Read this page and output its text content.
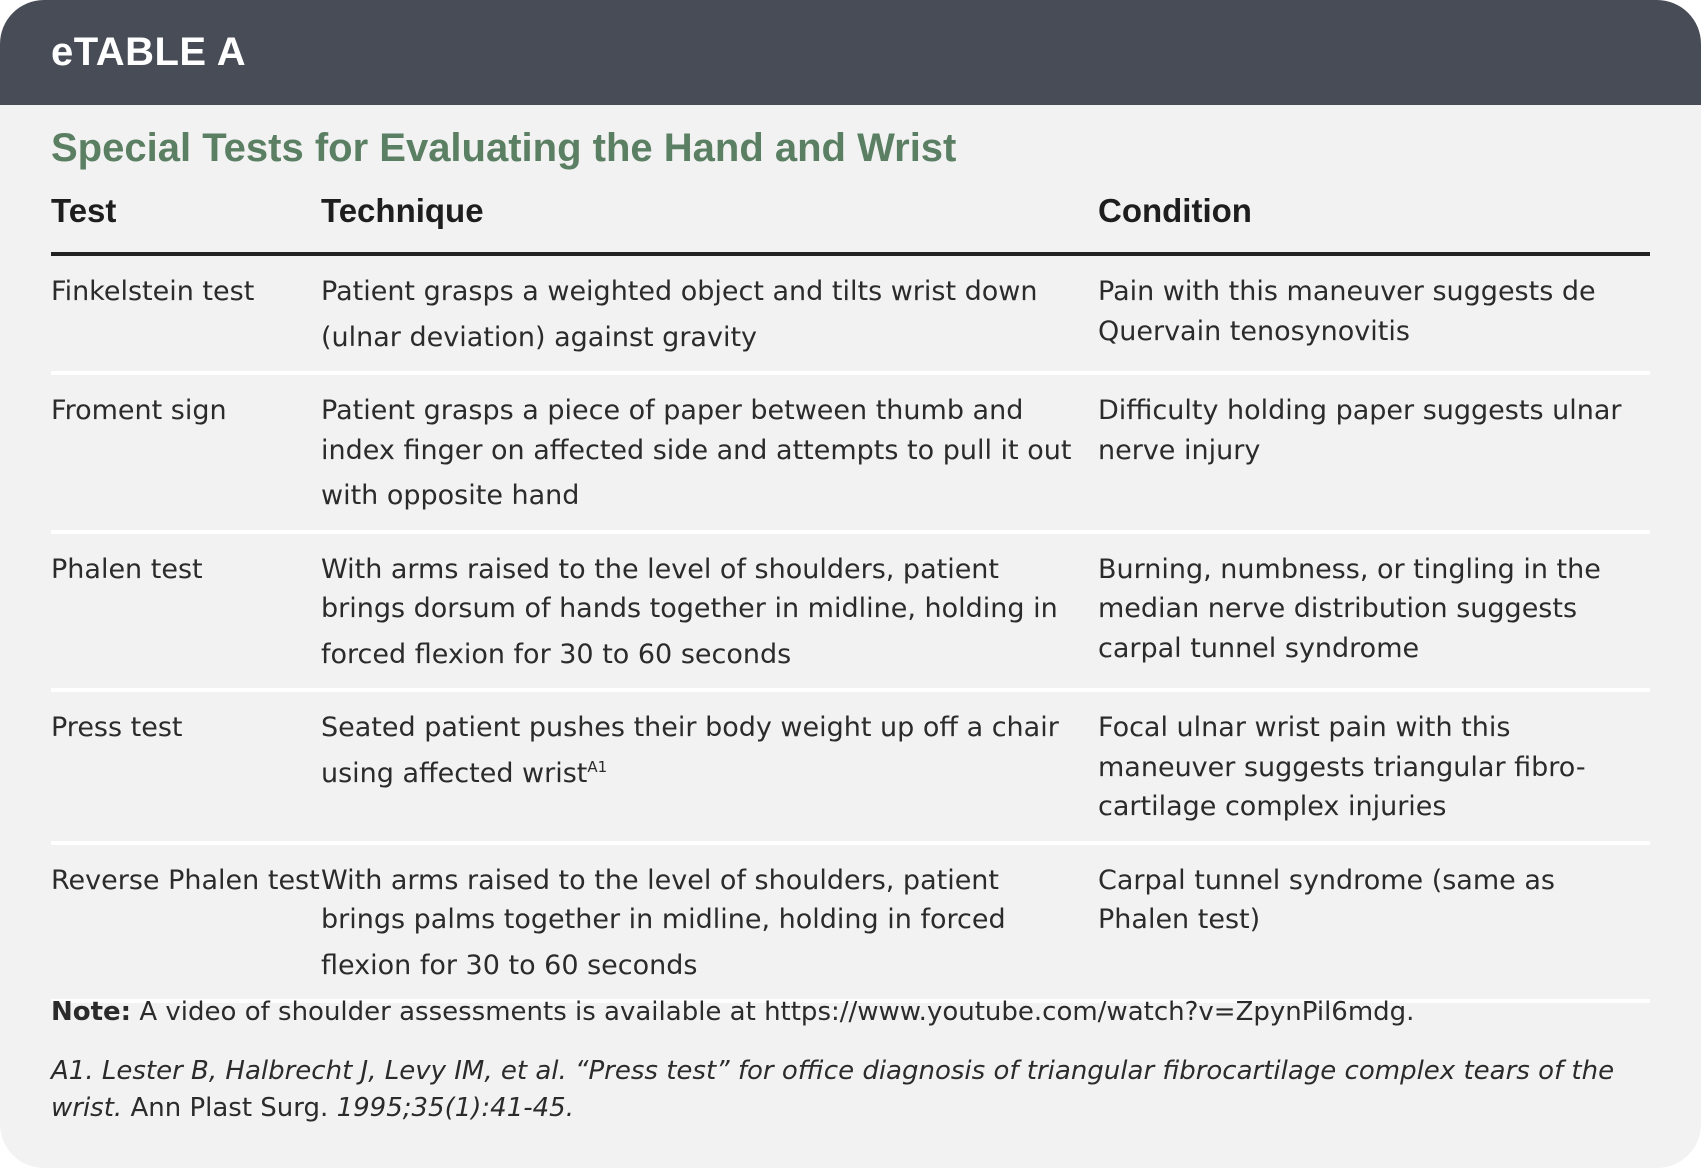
eTABLE A
Special Tests for Evaluating the Hand and Wrist
Test	Technique	Condition
Finkelstein test	Patient grasps a weighted object and tilts wrist down (ulnar deviation) against gravity	Pain with this maneuver suggests de Quervain tenosynovitis
Froment sign	Patient grasps a piece of paper between thumb and index finger on affected side and attempts to pull it out with opposite hand	Difficulty holding paper suggests ulnar nerve injury
Phalen test	With arms raised to the level of shoulders, patient brings dorsum of hands together in midline, holding in forced flexion for 30 to 60 seconds	Burning, numbness, or tingling in the median nerve distribution suggests carpal tunnel syndrome
Press test	Seated patient pushes their body weight up off a chair using affected wrist$^{A1}$	Focal ulnar wrist pain with this maneuver suggests triangular fibro-cartilage complex injuries
Reverse Phalen test	With arms raised to the level of shoulders, patient brings palms together in midline, holding in forced flexion for 30 to 60 seconds	Carpal tunnel syndrome (same as Phalen test)
Note: A video of shoulder assessments is available at https://www.youtube.com/watch?v=ZpynPil6mdg.
A1. Lester B, Halbrecht J, Levy IM, et al. “Press test” for office diagnosis of triangular fibrocartilage complex tears of the wrist. Ann Plast Surg. 1995;35(1):41-45.
